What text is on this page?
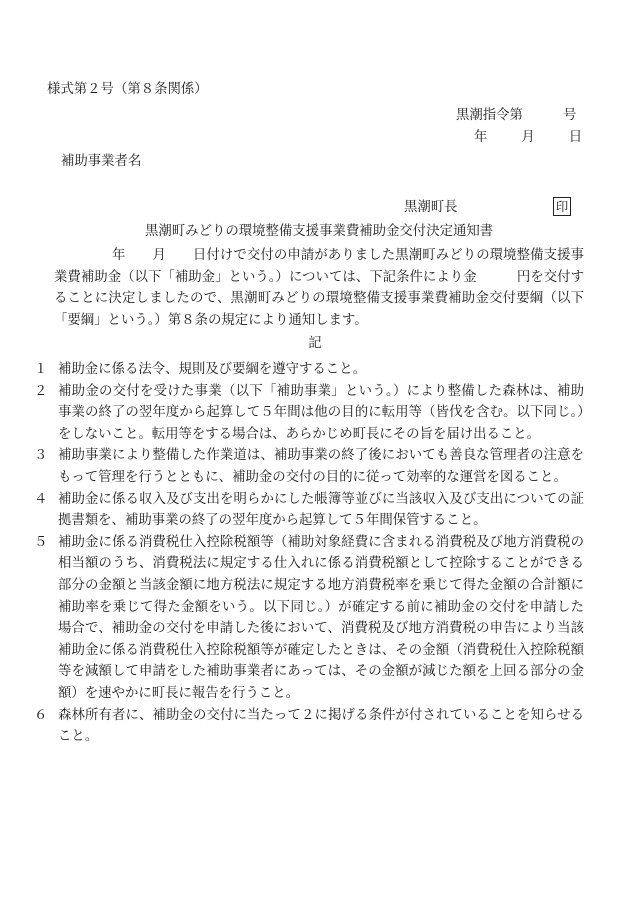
様式第２号（第８条関係）
黒潮指令第	号
年	月	日
補助事業者名
黒潮町長	印
黒潮町みどりの環境整備支援事業費補助金交付決定通知書

年　　月　　日付けで交付の申請がありました黒潮町みどりの環境整備支援事業費補助金（以下「補助金」という。）については、下記条件により金　　　円を交付することに決定しましたので、黒潮町みどりの環境整備支援事業費補助金交付要綱（以下「要綱」という。）第８条の規定により通知します。

記
１ 補助金に係る法令、規則及び要綱を遵守すること。
２ 補助金の交付を受けた事業（以下「補助事業」という。）により整備した森林は、補助事業の終了の翌年度から起算して５年間は他の目的に転用等（皆伐を含む。以下同じ。）をしないこと。転用等をする場合は、あらかじめ町長にその旨を届け出ること。
３ 補助事業により整備した作業道は、補助事業の終了後においても善良な管理者の注意をもって管理を行うとともに、補助金の交付の目的に従って効率的な運営を図ること。
４ 補助金に係る収入及び支出を明らかにした帳簿等並びに当該収入及び支出についての証拠書類を、補助事業の終了の翌年度から起算して５年間保管すること。
５ 補助金に係る消費税仕入控除税額等（補助対象経費に含まれる消費税及び地方消費税の相当額のうち、消費税法に規定する仕入れに係る消費税額として控除することができる部分の金額と当該金額に地方税法に規定する地方消費税率を乗じて得た金額の合計額に補助率を乗じて得た金額をいう。以下同じ。）が確定する前に補助金の交付を申請した場合で、補助金の交付を申請した後において、消費税及び地方消費税の申告により当該補助金に係る消費税仕入控除税額等が確定したときは、その金額（消費税仕入控除税額等を減額して申請をした補助事業者にあっては、その金額が減じた額を上回る部分の金額）を速やかに町長に報告を行うこと。
６ 森林所有者に、補助金の交付に当たって２に掲げる条件が付されていることを知らせること。
